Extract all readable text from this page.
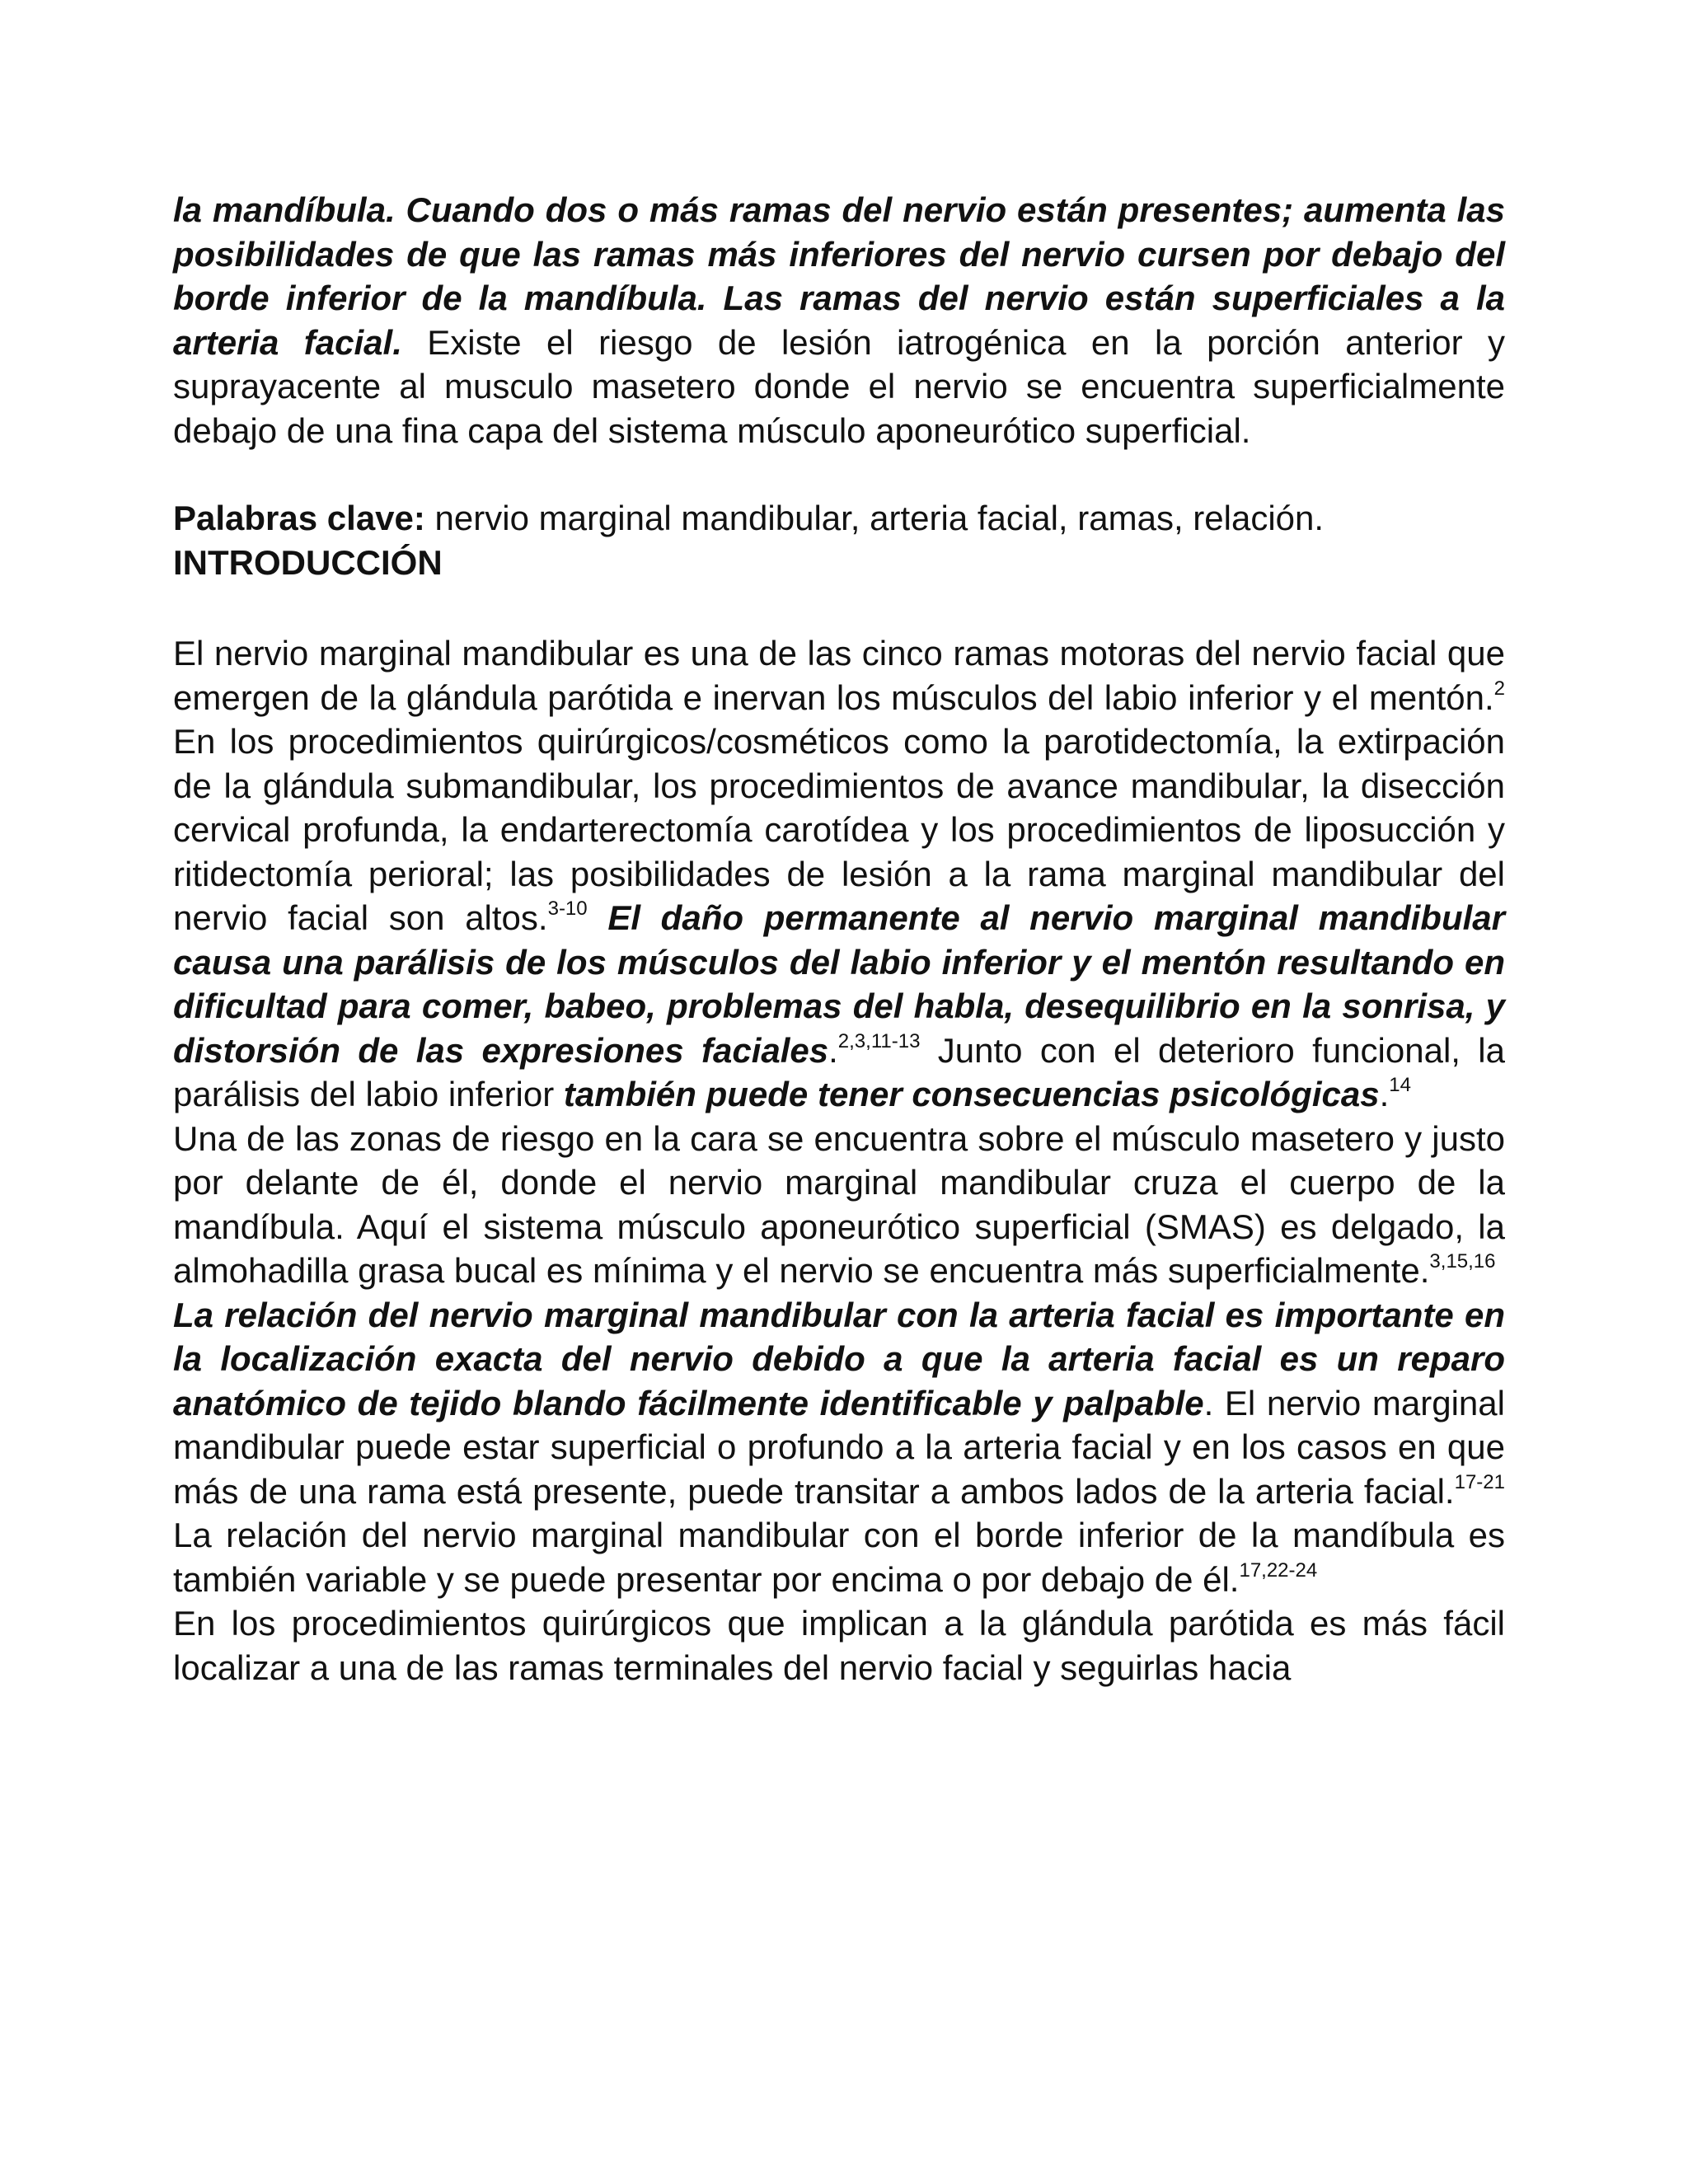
la mandíbula. Cuando dos o más ramas del nervio están presentes; aumenta las posibilidades de que las ramas más inferiores del nervio cursen por debajo del borde inferior de la mandíbula. Las ramas del nervio están superficiales a la arteria facial. Existe el riesgo de lesión iatrogénica en la porción anterior y suprayacente al musculo masetero donde el nervio se encuentra superficialmente debajo de una fina capa del sistema músculo aponeurótico superficial.

Palabras clave: nervio marginal mandibular, arteria facial, ramas, relación.

INTRODUCCIÓN

El nervio marginal mandibular es una de las cinco ramas motoras del nervio facial que emergen de la glándula parótida e inervan los músculos del labio inferior y el mentón.$^2$ En los procedimientos quirúrgicos/cosméticos como la parotidectomía, la extirpación de la glándula submandibular, los procedimientos de avance mandibular, la disección cervical profunda, la endarterectomía carotídea y los procedimientos de liposucción y ritidectomía perioral; las posibilidades de lesión a la rama marginal mandibular del nervio facial son altos.$^{3-10}$ El daño permanente al nervio marginal mandibular causa una parálisis de los músculos del labio inferior y el mentón resultando en dificultad para comer, babeo, problemas del habla, desequilibrio en la sonrisa, y distorsión de las expresiones faciales.$^{2,3,11-13}$ Junto con el deterioro funcional, la parálisis del labio inferior también puede tener consecuencias psicológicas.$^{14}$

Una de las zonas de riesgo en la cara se encuentra sobre el músculo masetero y justo por delante de él, donde el nervio marginal mandibular cruza el cuerpo de la mandíbula. Aquí el sistema músculo aponeurótico superficial (SMAS) es delgado, la almohadilla grasa bucal es mínima y el nervio se encuentra más superficialmente.$^{3,15,16}$

La relación del nervio marginal mandibular con la arteria facial es importante en la localización exacta del nervio debido a que la arteria facial es un reparo anatómico de tejido blando fácilmente identificable y palpable. El nervio marginal mandibular puede estar superficial o profundo a la arteria facial y en los casos en que más de una rama está presente, puede transitar a ambos lados de la arteria facial.$^{17-21}$ La relación del nervio marginal mandibular con el borde inferior de la mandíbula es también variable y se puede presentar por encima o por debajo de él.$^{17,22-24}$

En los procedimientos quirúrgicos que implican a la glándula parótida es más fácil localizar a una de las ramas terminales del nervio facial y seguirlas hacia
